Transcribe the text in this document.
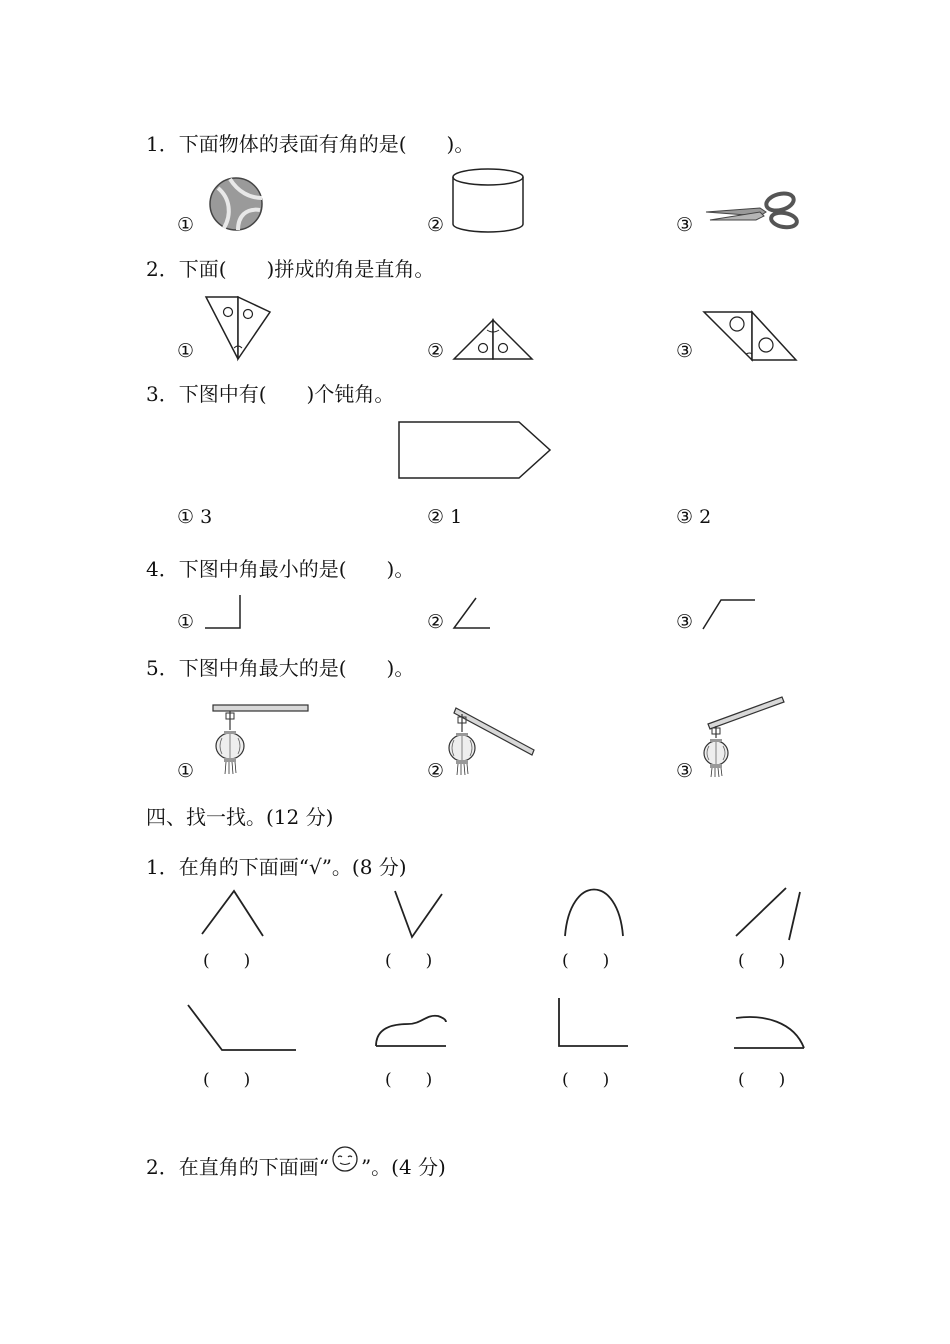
1．下面物体的表面有角的是(　　)。
①	②	③
2．下面(　　)拼成的角是直角。
①	②	③
3．下图中有(　　)个钝角。
① 3	② 1	③ 2
4．下图中角最小的是(　　)。
①	②	③
5．下图中角最大的是(　　)。
①	②	③
四、找一找。(12 分)
1．在角的下面画“√”。(8 分)
(　　)	(　　)	(　　)	(　　)
(　　)	(　　)	(　　)	(　　)
2．在直角的下面画“ ”。(4 分)
